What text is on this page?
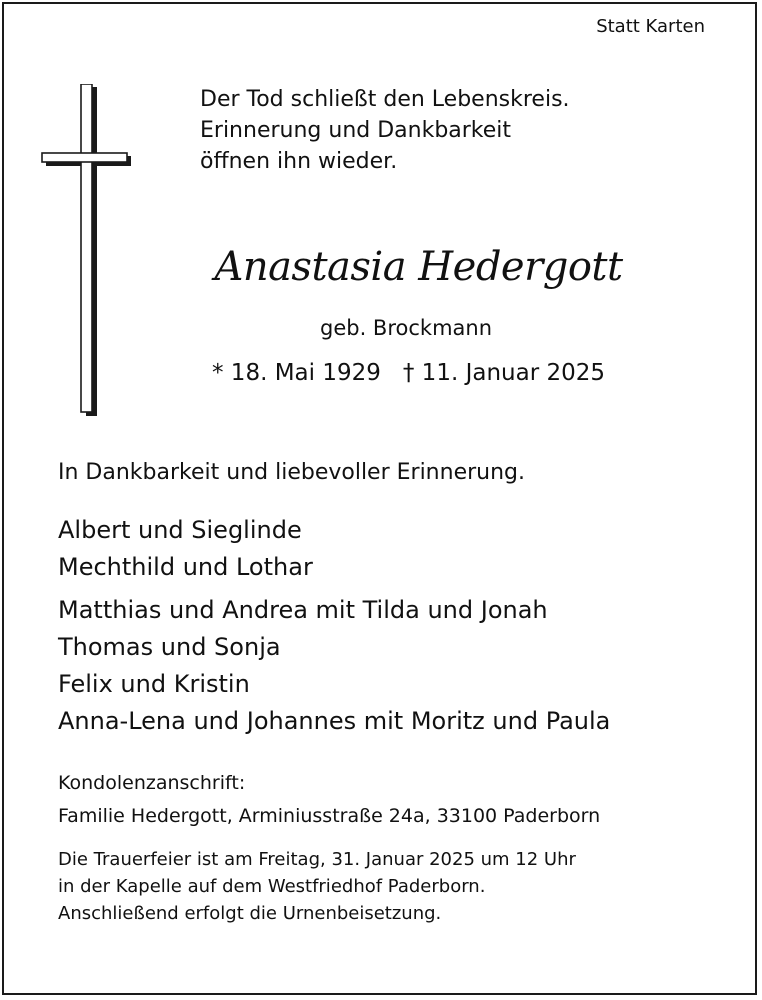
Statt Karten
Der Tod schließt den Lebenskreis.
Erinnerung und Dankbarkeit
öffnen ihn wieder.
Anastasia Hedergott
geb. Brockmann
* 18. Mai 1929 † 11. Januar 2025
In Dankbarkeit und liebevoller Erinnerung.
Albert und Sieglinde
Mechthild und Lothar
Matthias und Andrea mit Tilda und Jonah
Thomas und Sonja
Felix und Kristin
Anna-Lena und Johannes mit Moritz und Paula
Kondolenzanschrift:
Familie Hedergott, Arminiusstraße 24a, 33100 Paderborn
Die Trauerfeier ist am Freitag, 31. Januar 2025 um 12 Uhr
in der Kapelle auf dem Westfriedhof Paderborn.
Anschließend erfolgt die Urnenbeisetzung.
